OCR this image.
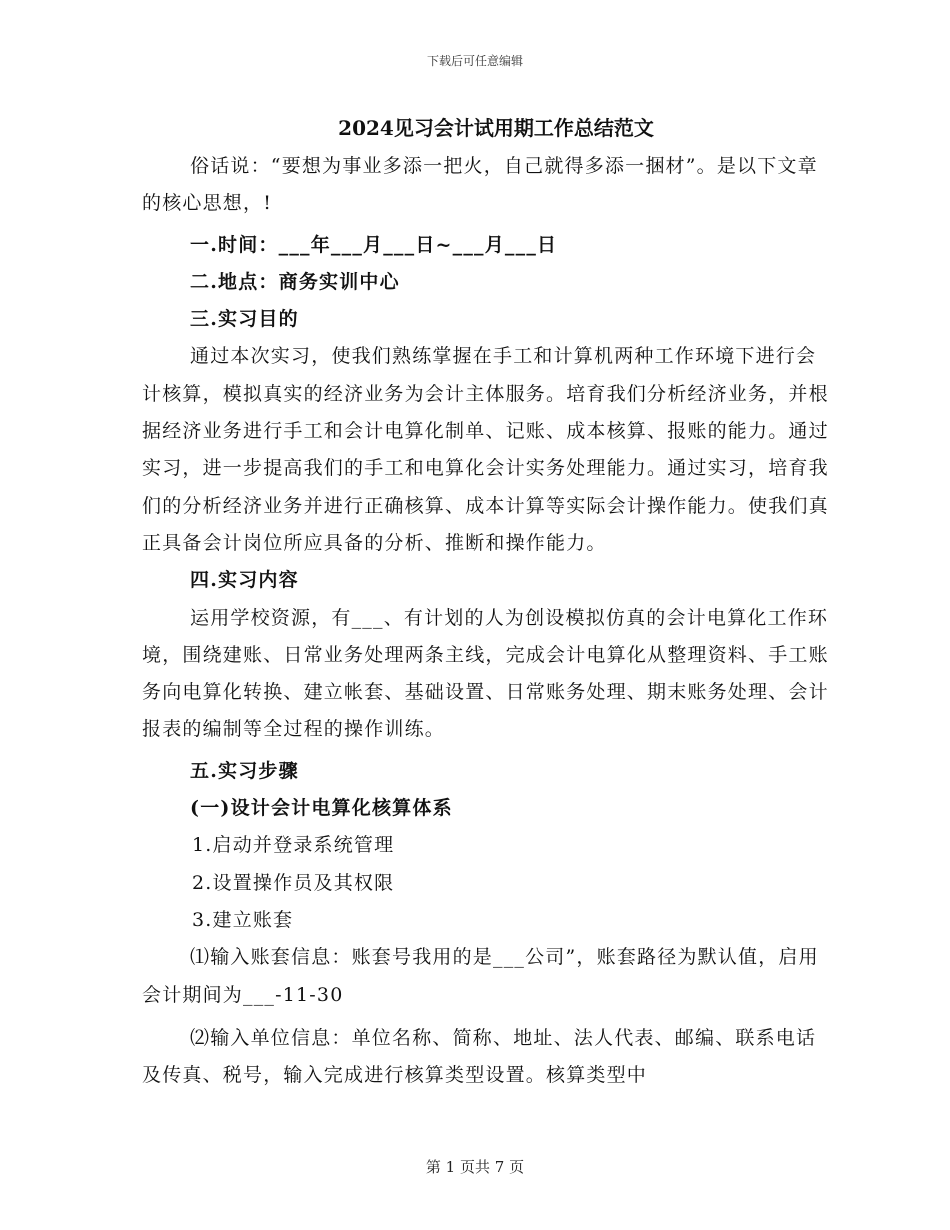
下载后可任意编辑
2024见习会计试用期工作总结范文

俗话说：“要想为事业多添一把火，自己就得多添一捆材”。是以下文章的核心思想，!

一.时间：___年___月___日~___月___日
二.地点：商务实训中心
三.实习目的

通过本次实习，使我们熟练掌握在手工和计算机两种工作环境下进行会计核算，模拟真实的经济业务为会计主体服务。培育我们分析经济业务，并根据经济业务进行手工和会计电算化制单、记账、成本核算、报账的能力。通过实习，进一步提高我们的手工和电算化会计实务处理能力。通过实习，培育我们的分析经济业务并进行正确核算、成本计算等实际会计操作能力。使我们真正具备会计岗位所应具备的分析、推断和操作能力。

四.实习内容

运用学校资源，有___、有计划的人为创设模拟仿真的会计电算化工作环境，围绕建账、日常业务处理两条主线，完成会计电算化从整理资料、手工账务向电算化转换、建立帐套、基础设置、日常账务处理、期末账务处理、会计报表的编制等全过程的操作训练。

五.实习步骤
(一)设计会计电算化核算体系

1.启动并登录系统管理

2.设置操作员及其权限

3.建立账套

⑴输入账套信息：账套号我用的是___公司”，账套路径为默认值，启用会计期间为___-11-30

⑵输入单位信息：单位名称、简称、地址、法人代表、邮编、联系电话及传真、税号，输入完成进行核算类型设置。核算类型中

第 1 页共 7 页
